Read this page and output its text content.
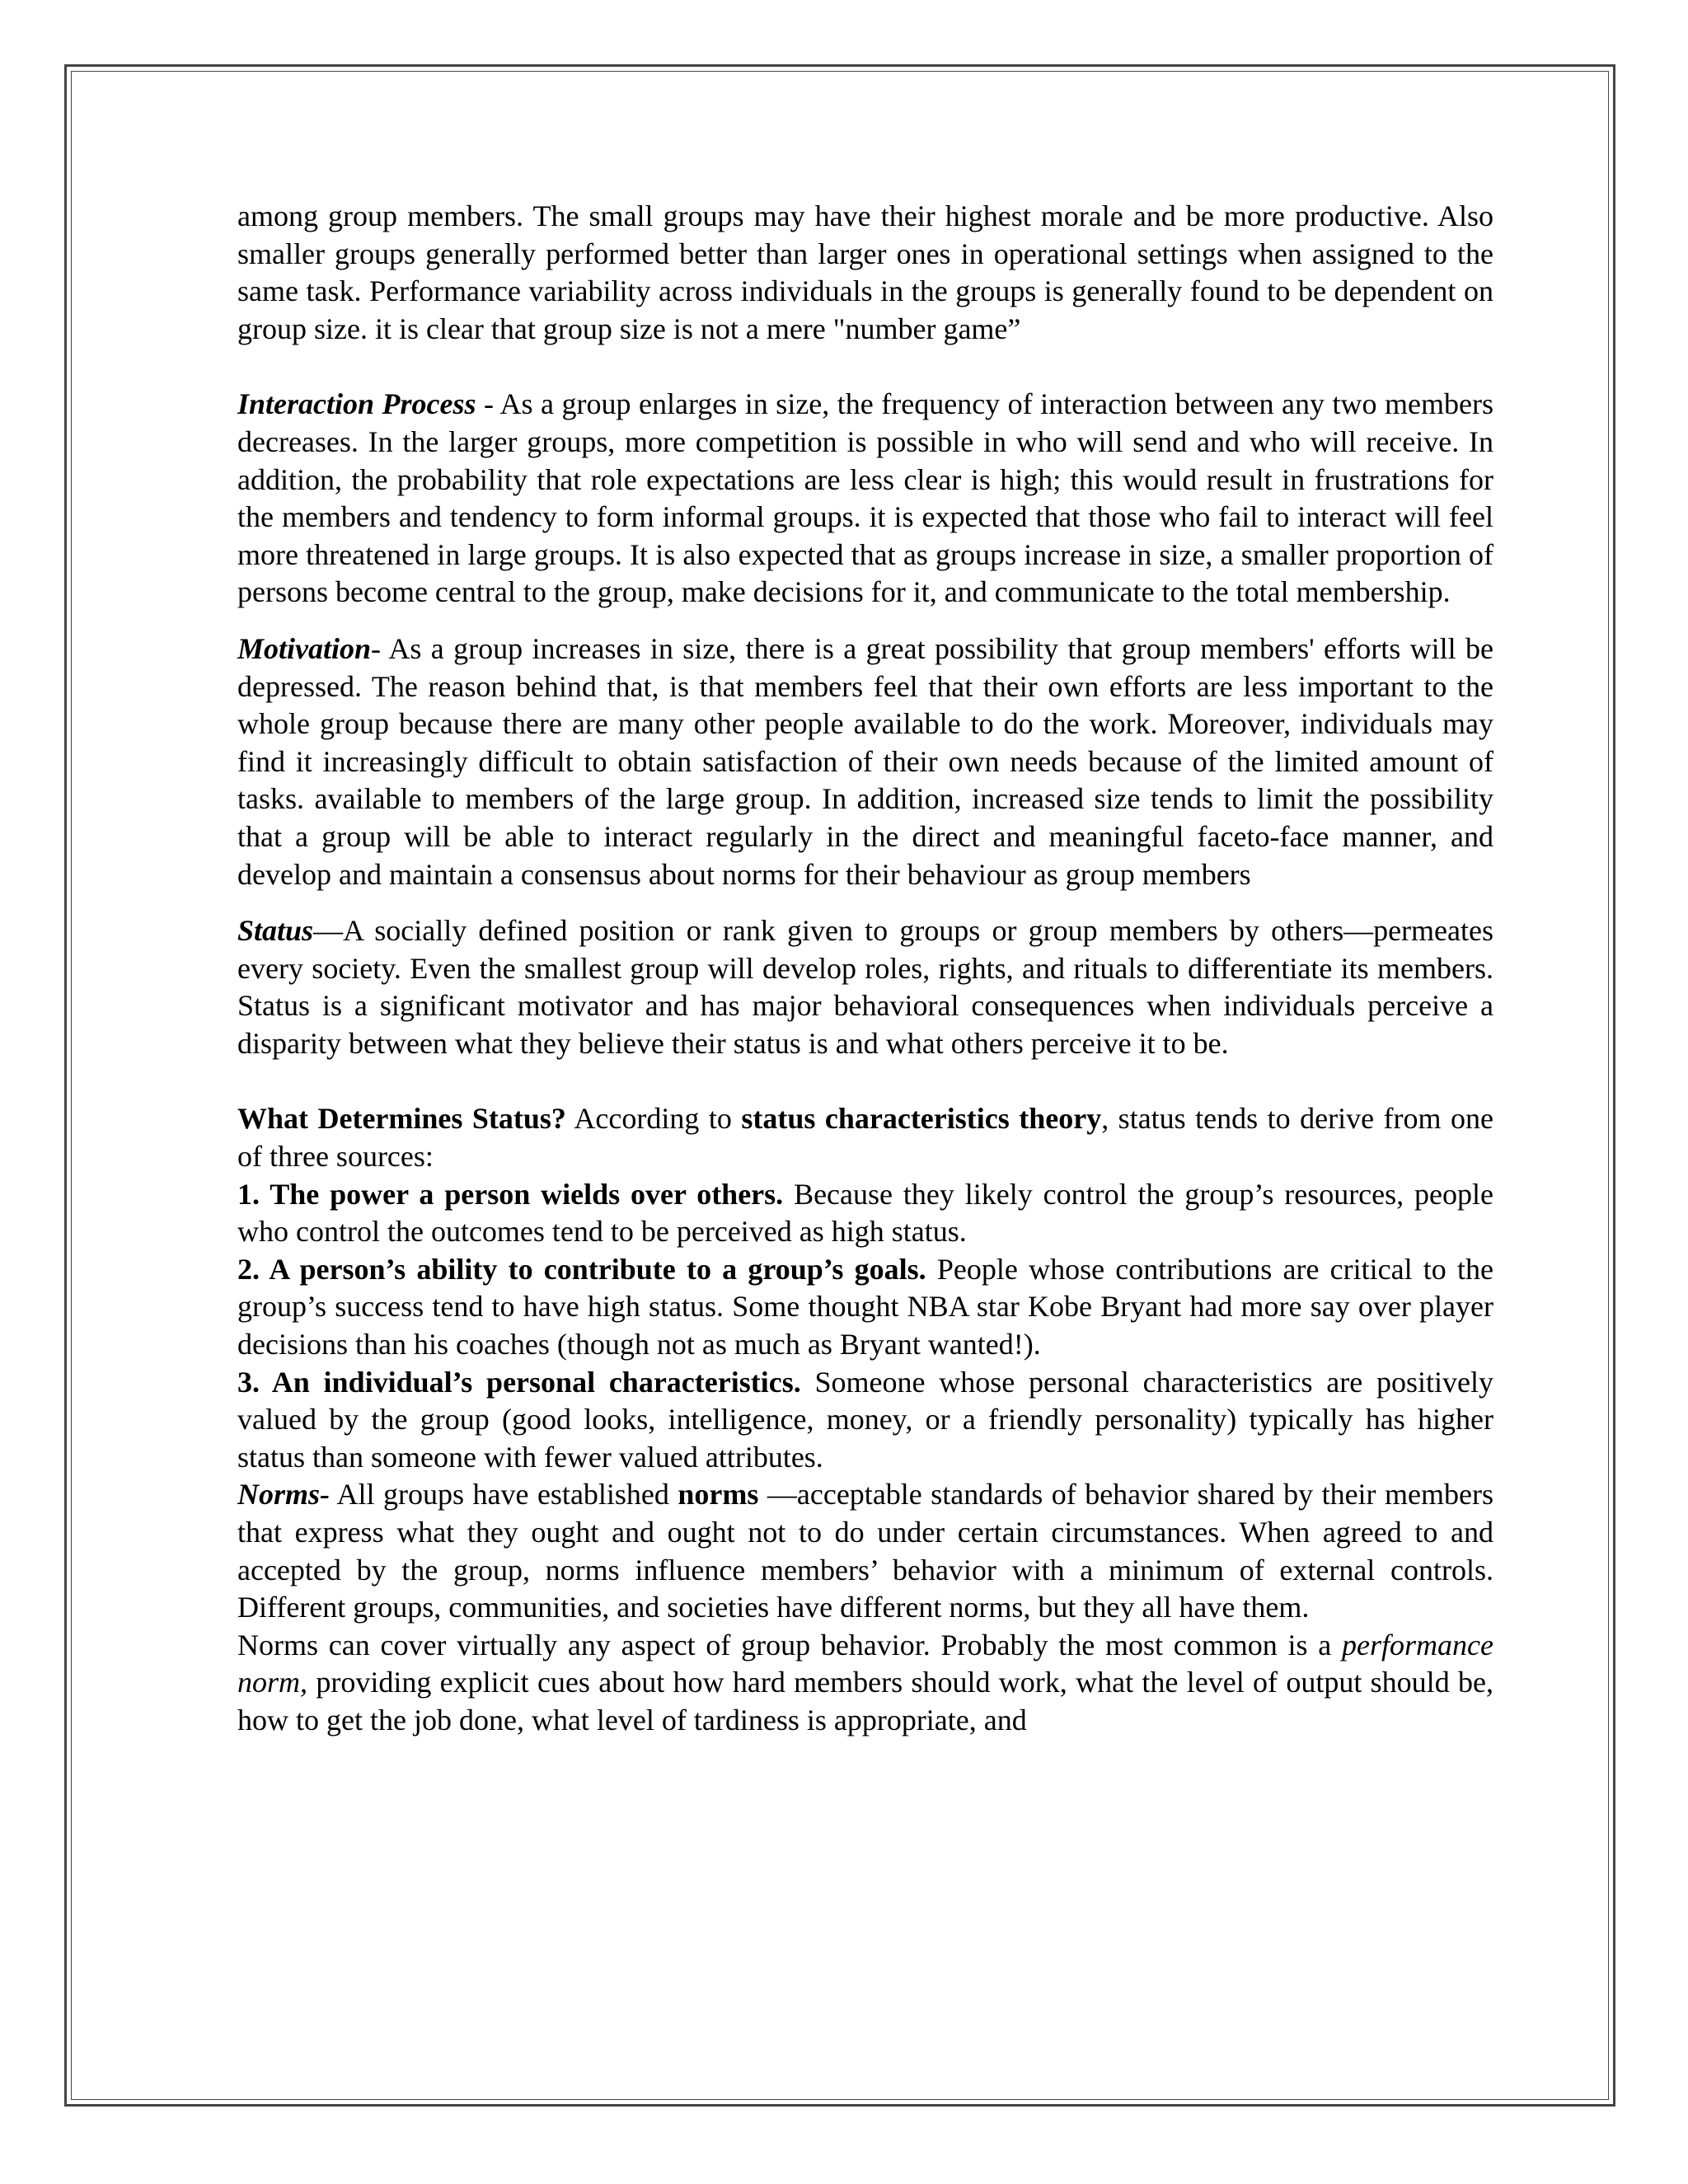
among group members. The small groups may have their highest morale and be more productive. Also smaller groups generally performed better than larger ones in operational settings when assigned to the same task. Performance variability across individuals in the groups is generally found to be dependent on group size. it is clear that group size is not a mere "number game”

Interaction Process - As a group enlarges in size, the frequency of interaction between any two members decreases. In the larger groups, more competition is possible in who will send and who will receive. In addition, the probability that role expectations are less clear is high; this would result in frustrations for the members and tendency to form informal groups. it is expected that those who fail to interact will feel more threatened in large groups. It is also expected that as groups increase in size, a smaller proportion of persons become central to the group, make decisions for it, and communicate to the total membership.

Motivation- As a group increases in size, there is a great possibility that group members' efforts will be depressed. The reason behind that, is that members feel that their own efforts are less important to the whole group because there are many other people available to do the work. Moreover, individuals may find it increasingly difficult to obtain satisfaction of their own needs because of the limited amount of tasks. available to members of the large group. In addition, increased size tends to limit the possibility that a group will be able to interact regularly in the direct and meaningful faceto-face manner, and develop and maintain a consensus about norms for their behaviour as group members

Status—A socially defined position or rank given to groups or group members by others—permeates every society. Even the smallest group will develop roles, rights, and rituals to differentiate its members. Status is a significant motivator and has major behavioral consequences when individuals perceive a disparity between what they believe their status is and what others perceive it to be.

What Determines Status? According to status characteristics theory, status tends to derive from one of three sources:

1. The power a person wields over others. Because they likely control the group’s resources, people who control the outcomes tend to be perceived as high status.

2. A person’s ability to contribute to a group’s goals. People whose contributions are critical to the group’s success tend to have high status. Some thought NBA star Kobe Bryant had more say over player decisions than his coaches (though not as much as Bryant wanted!).

3. An individual’s personal characteristics. Someone whose personal characteristics are positively valued by the group (good looks, intelligence, money, or a friendly personality) typically has higher status than someone with fewer valued attributes.

Norms- All groups have established norms —acceptable standards of behavior shared by their members that express what they ought and ought not to do under certain circumstances. When agreed to and accepted by the group, norms influence members’ behavior with a minimum of external controls. Different groups, communities, and societies have different norms, but they all have them.

Norms can cover virtually any aspect of group behavior. Probably the most common is a performance norm, providing explicit cues about how hard members should work, what the level of output should be, how to get the job done, what level of tardiness is appropriate, and
